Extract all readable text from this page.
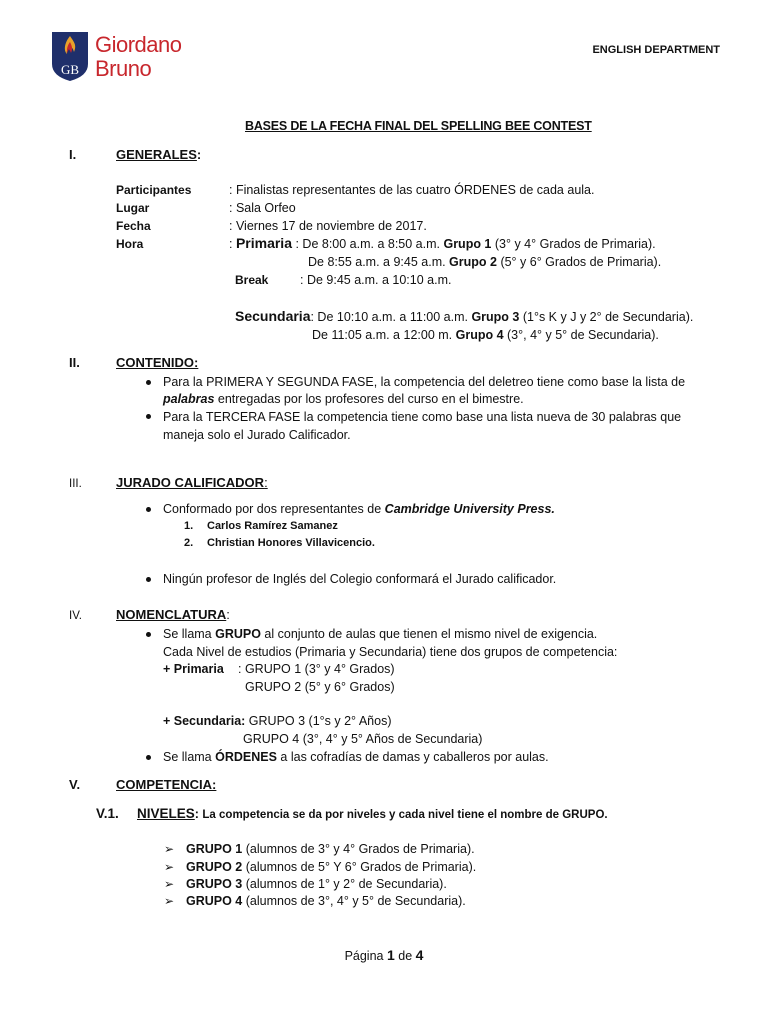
GB
Giordano
Bruno
ENGLISH DEPARTMENT
BASES DE LA FECHA FINAL DEL SPELLING BEE CONTEST
I.	GENERALES:
Participantes	: Finalistas representantes de las cuatro ÓRDENES de cada aula.
Lugar	: Sala Orfeo
Fecha	: Viernes 17 de noviembre de 2017.
Hora	: Primaria : De 8:00 a.m. a 8:50 a.m. Grupo 1 (3° y 4° Grados de Primaria).
De 8:55 a.m. a 9:45 a.m. Grupo 2 (5° y 6° Grados de Primaria).
Break	: De 9:45 a.m. a 10:10 a.m.
Secundaria: De 10:10 a.m. a 11:00 a.m. Grupo 3 (1°s K y J y 2° de Secundaria).
De 11:05 a.m. a 12:00 m. Grupo 4 (3°, 4° y 5° de Secundaria).
II.	CONTENIDO:
Para la PRIMERA Y SEGUNDA FASE, la competencia del deletreo tiene como base la lista de
palabras entregadas por los profesores del curso en el bimestre.
Para la TERCERA FASE la competencia tiene como base una lista nueva de 30 palabras que
maneja solo el Jurado Calificador.
III.	JURADO CALIFICADOR:
Conformado por dos representantes de Cambridge University Press.
1. Carlos Ramírez Samanez
2. Christian Honores Villavicencio.
Ningún profesor de Inglés del Colegio conformará el Jurado calificador.
IV.	NOMENCLATURA:
Se llama GRUPO al conjunto de aulas que tienen el mismo nivel de exigencia.
Cada Nivel de estudios (Primaria y Secundaria) tiene dos grupos de competencia:
+ Primaria : GRUPO 1 (3° y 4° Grados)
GRUPO 2 (5° y 6° Grados)
+ Secundaria: GRUPO 3 (1°s y 2° Años)
GRUPO 4 (3°, 4° y 5° Años de Secundaria)
Se llama ÓRDENES a las cofradías de damas y caballeros por aulas.
V.	COMPETENCIA:
V.1. NIVELES: La competencia se da por niveles y cada nivel tiene el nombre de GRUPO.
➢ GRUPO 1 (alumnos de 3° y 4° Grados de Primaria).
➢ GRUPO 2 (alumnos de 5° Y 6° Grados de Primaria).
➢ GRUPO 3 (alumnos de 1° y 2° de Secundaria).
➢ GRUPO 4 (alumnos de 3°, 4° y 5° de Secundaria).
Página 1 de 4
